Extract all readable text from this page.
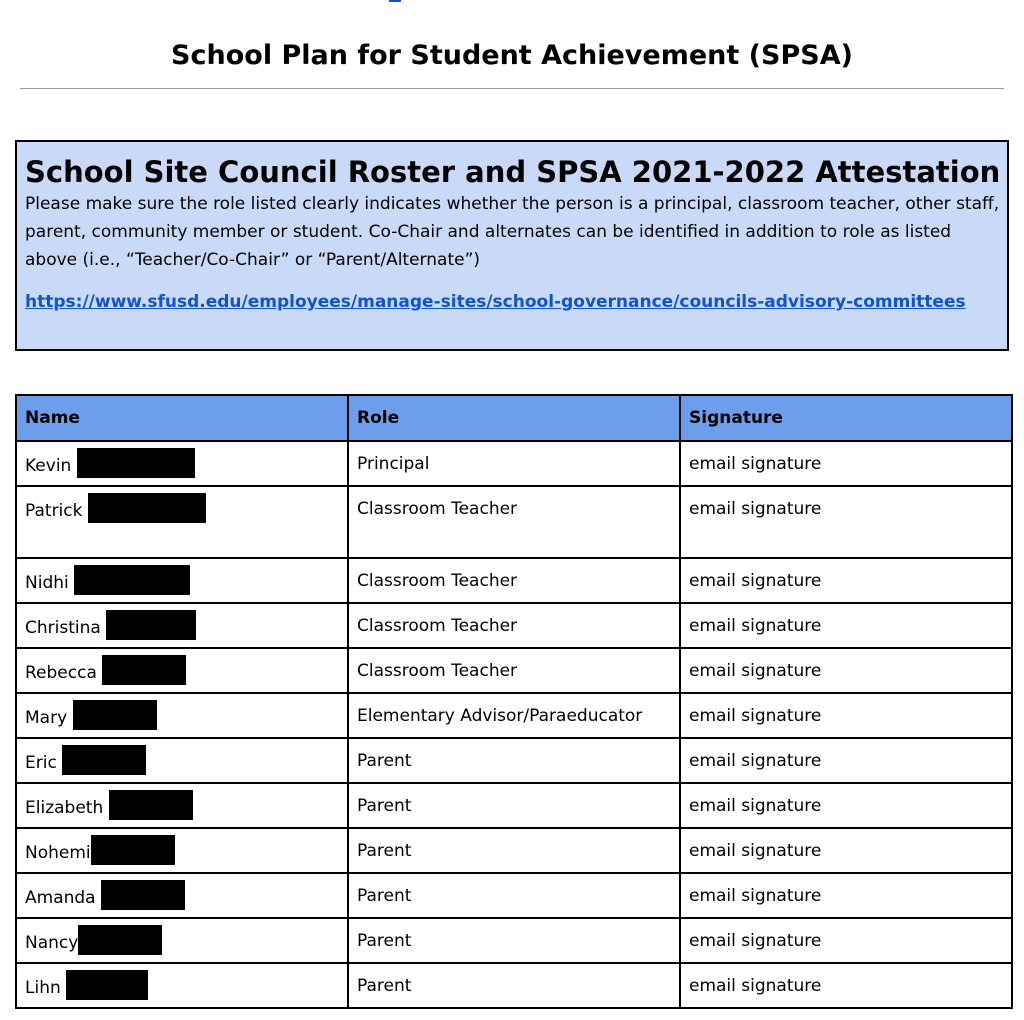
School Plan for Student Achievement (SPSA)
School Site Council Roster and SPSA 2021-2022 Attestation

Please make sure the role listed clearly indicates whether the person is a principal, classroom teacher, other staff, parent, community member or student. Co-Chair and alternates can be identified in addition to role as listed above (i.e., “Teacher/Co-Chair” or “Parent/Alternate”)

https://www.sfusd.edu/employees/manage-sites/school-governance/councils-advisory-committees
Name	Role	Signature
Kevin	Principal	email signature
Patrick	Classroom Teacher	email signature
Nidhi	Classroom Teacher	email signature
Christina	Classroom Teacher	email signature
Rebecca	Classroom Teacher	email signature
Mary	Elementary Advisor/Paraeducator	email signature
Eric	Parent	email signature
Elizabeth	Parent	email signature
Nohemi	Parent	email signature
Amanda	Parent	email signature
Nancy	Parent	email signature
Lihn	Parent	email signature
